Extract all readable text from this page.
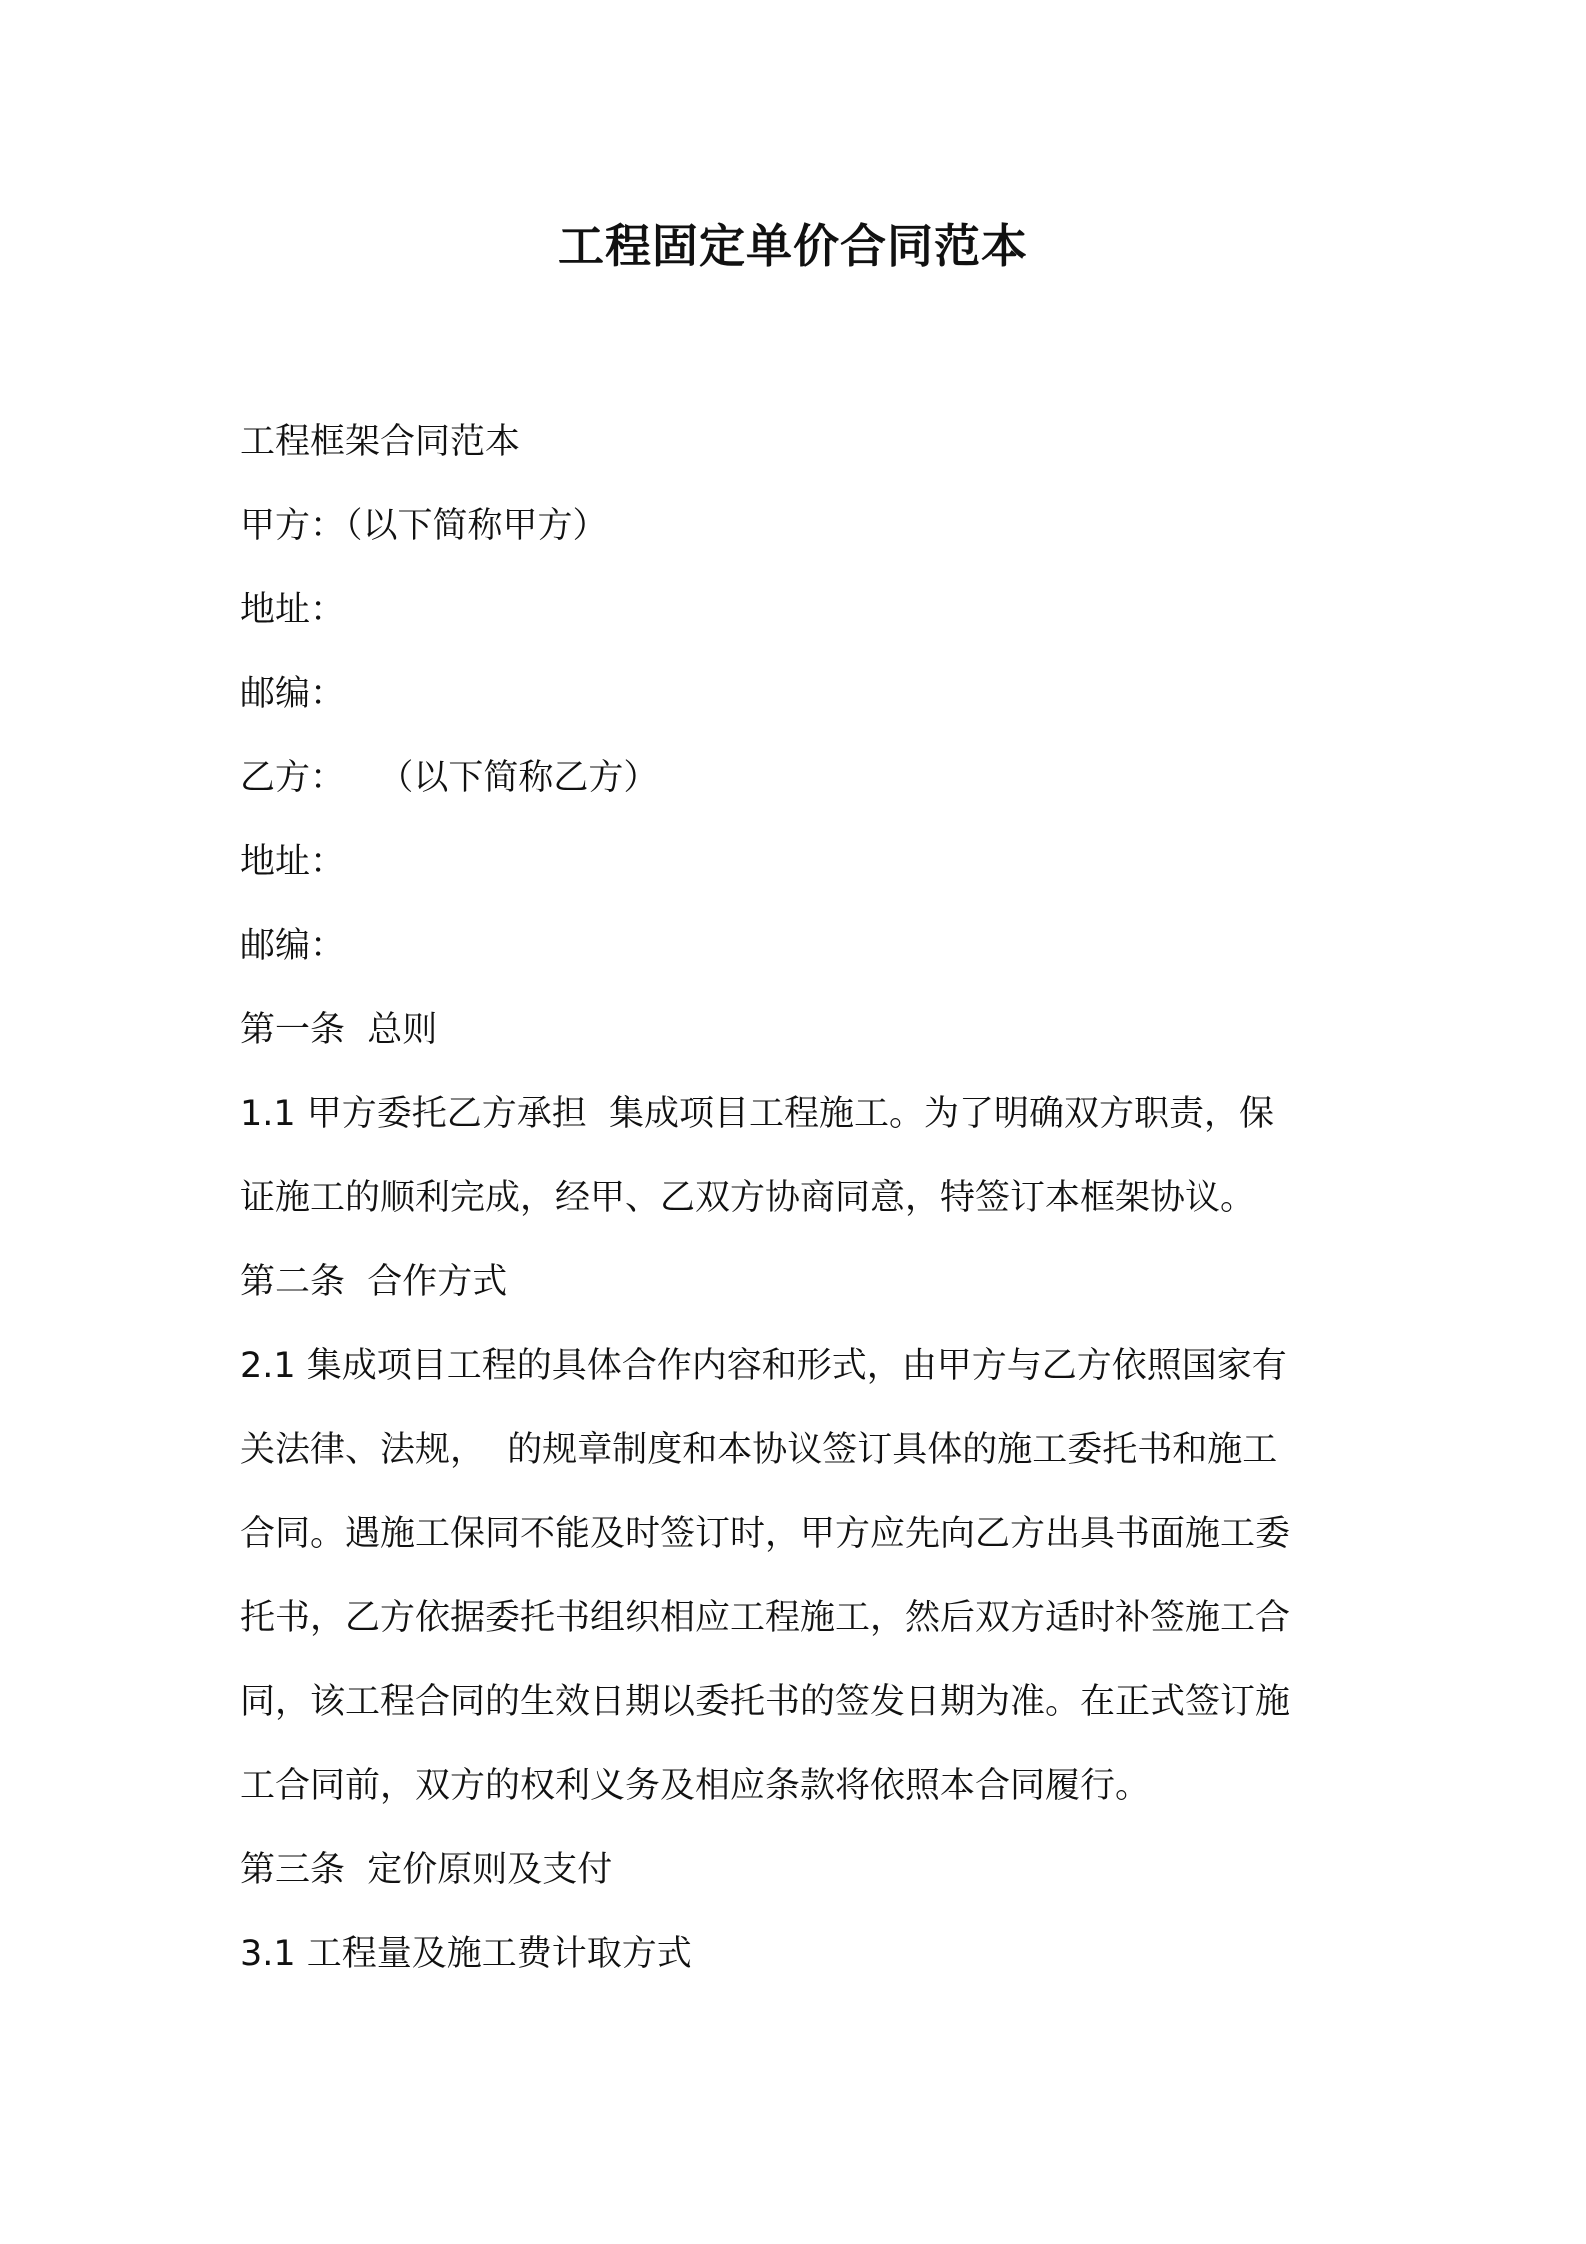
工程固定单价合同范本

工程框架合同范本

甲方：（以下简称甲方）

地址：

邮编：

乙方：   （以下简称乙方）

地址：

邮编：

第一条  总则

1.1 甲方委托乙方承担  集成项目工程施工。为了明确双方职责，保

证施工的顺利完成，经甲、乙双方协商同意，特签订本框架协议。

第二条  合作方式

2.1 集成项目工程的具体合作内容和形式，由甲方与乙方依照国家有

关法律、法规，  的规章制度和本协议签订具体的施工委托书和施工

合同。遇施工保同不能及时签订时，甲方应先向乙方出具书面施工委

托书，乙方依据委托书组织相应工程施工，然后双方适时补签施工合

同，该工程合同的生效日期以委托书的签发日期为准。在正式签订施

工合同前，双方的权利义务及相应条款将依照本合同履行。

第三条  定价原则及支付

3.1 工程量及施工费计取方式
